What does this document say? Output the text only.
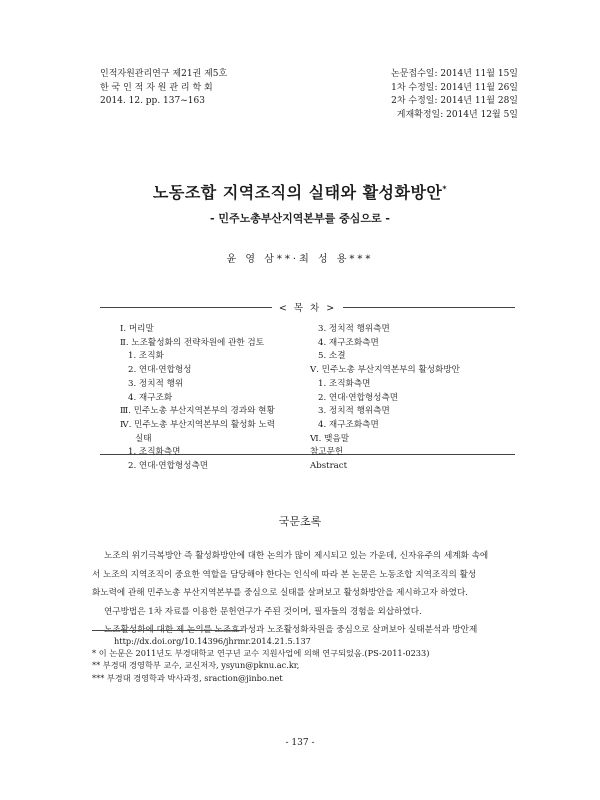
인적자원관리연구 제21권 제5호
한 국 인 적 자 원 관 리 학 회
2014. 12. pp. 137~163
논문접수일: 2014년 11월 15일
1차 수정일: 2014년 11월 26일
2차 수정일: 2014년 11월 28일
게재확정일: 2014년 12월 5일
노동조합 지역조직의 실태와 활성화방안*
- 민주노총부산지역본부를 중심으로 -
윤 영 삼**·최 성 용***
< 목 차 >
Ⅰ. 머리말
Ⅱ. 노조활성화의 전략차원에 관한 검토
1. 조직화
2. 연대·연합형성
3. 정치적 행위
4. 재구조화
Ⅲ. 민주노총 부산지역본부의 경과와 현황
Ⅳ. 민주노총 부산지역본부의 활성화 노력
실태
1. 조직화측면
2. 연대·연합형성측면
3. 정치적 행위측면
4. 재구조화측면
5. 소결
Ⅴ. 민주노총 부산지역본부의 활성화방안
1. 조직화측면
2. 연대·연합형성측면
3. 정치적 행위측면
4. 재구조화측면
Ⅵ. 맺음말
참고문헌
Abstract
국문초록

노조의 위기극복방안 즉 활성화방안에 대한 논의가 많이 제시되고 있는 가운데, 신자유주의 세계화 속에

서 노조의 지역조직이 중요한 역할을 담당해야 한다는 인식에 따라 본 논문은 노동조합 지역조직의 활성

화노력에 관해 민주노총 부산지역본부를 중심으로 실태를 살펴보고 활성화방안을 제시하고자 하였다.

연구방법은 1차 자료를 이용한 문헌연구가 주된 것이며, 필자들의 경험을 외삽하였다.

노조활성화에 대한 제 논의를 노조효과성과 노조활성화차원을 중심으로 살펴보아 실태분석과 방안제

http://dx.doi.org/10.14396/jhrmr.2014.21.5.137
* 이 논문은 2011년도 부경대학교 연구년 교수 지원사업에 의해 연구되었음.(PS-2011-0233)
** 부경대 경영학부 교수, 교신저자, ysyun@pknu.ac.kr,
*** 부경대 경영학과 박사과정, sraction@jinbo.net
- 137 -
